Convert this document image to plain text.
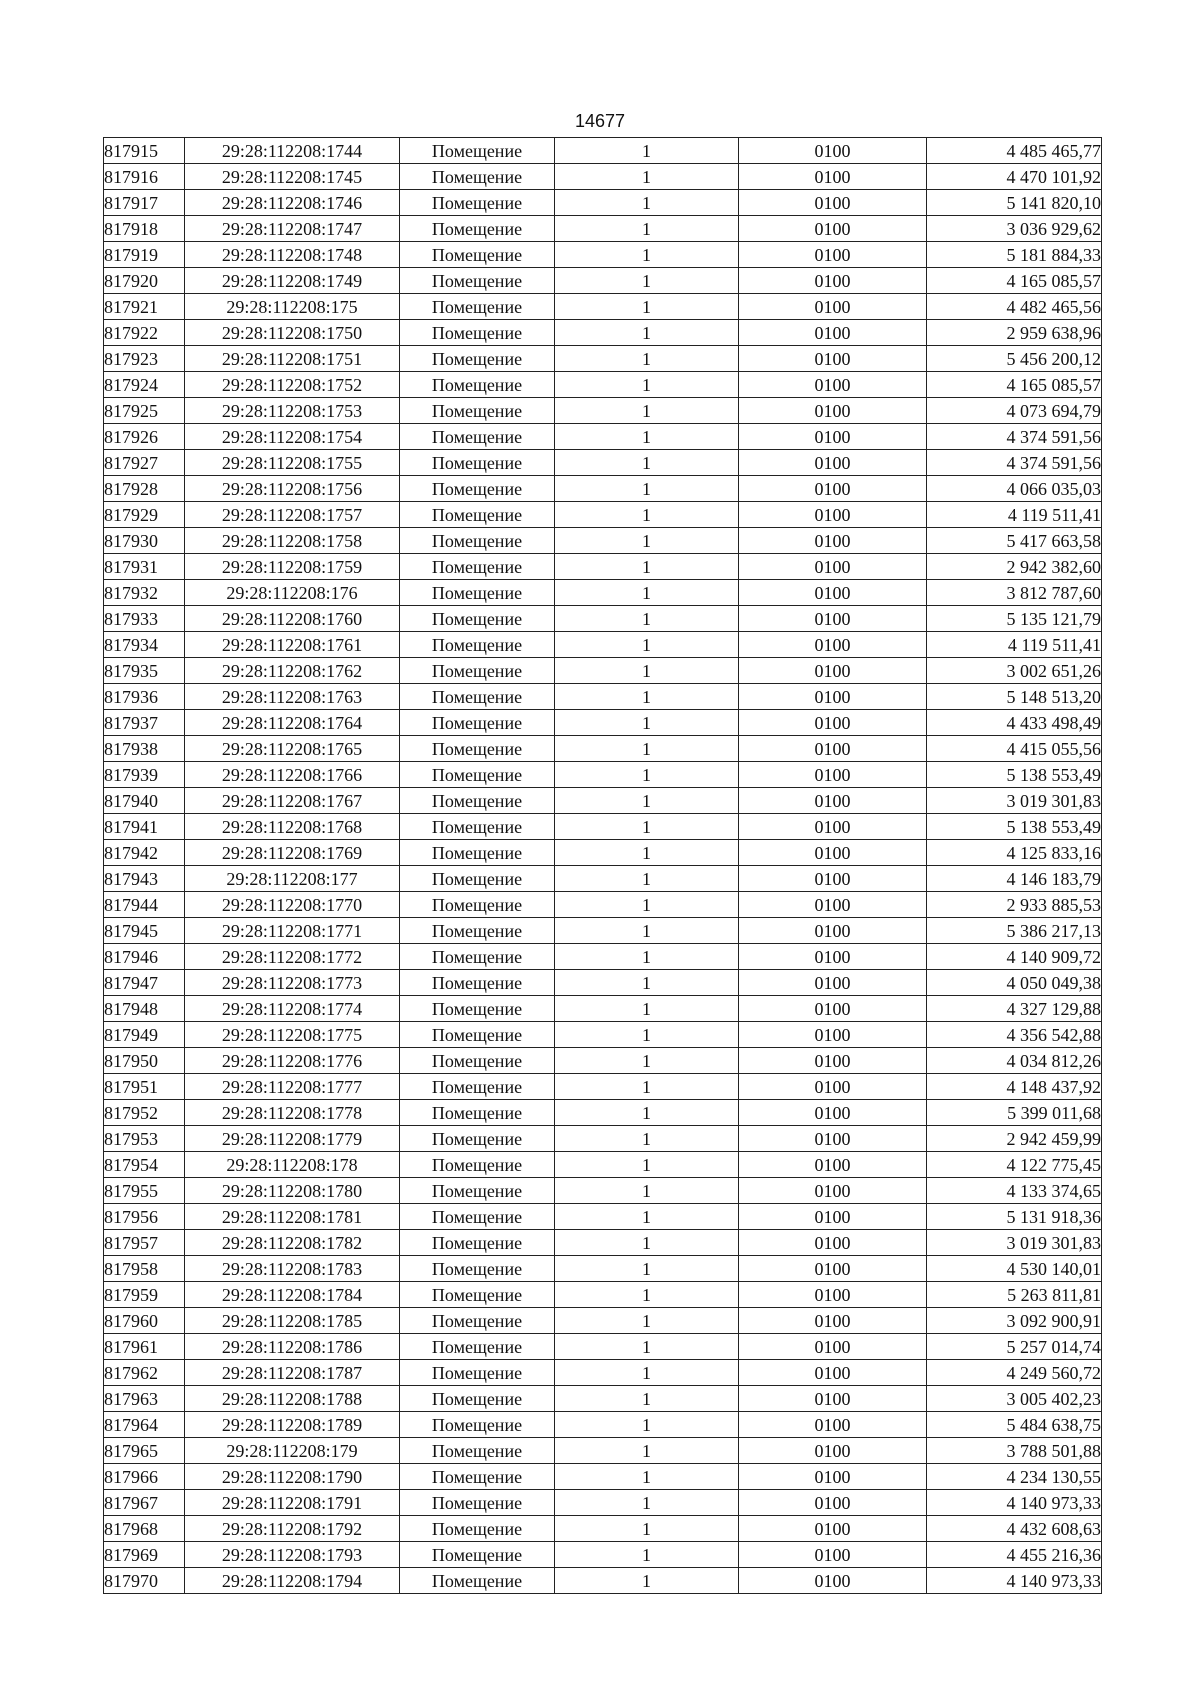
14677
817915	29:28:112208:1744	Помещение	1	0100	4 485 465,77
817916	29:28:112208:1745	Помещение	1	0100	4 470 101,92
817917	29:28:112208:1746	Помещение	1	0100	5 141 820,10
817918	29:28:112208:1747	Помещение	1	0100	3 036 929,62
817919	29:28:112208:1748	Помещение	1	0100	5 181 884,33
817920	29:28:112208:1749	Помещение	1	0100	4 165 085,57
817921	29:28:112208:175	Помещение	1	0100	4 482 465,56
817922	29:28:112208:1750	Помещение	1	0100	2 959 638,96
817923	29:28:112208:1751	Помещение	1	0100	5 456 200,12
817924	29:28:112208:1752	Помещение	1	0100	4 165 085,57
817925	29:28:112208:1753	Помещение	1	0100	4 073 694,79
817926	29:28:112208:1754	Помещение	1	0100	4 374 591,56
817927	29:28:112208:1755	Помещение	1	0100	4 374 591,56
817928	29:28:112208:1756	Помещение	1	0100	4 066 035,03
817929	29:28:112208:1757	Помещение	1	0100	4 119 511,41
817930	29:28:112208:1758	Помещение	1	0100	5 417 663,58
817931	29:28:112208:1759	Помещение	1	0100	2 942 382,60
817932	29:28:112208:176	Помещение	1	0100	3 812 787,60
817933	29:28:112208:1760	Помещение	1	0100	5 135 121,79
817934	29:28:112208:1761	Помещение	1	0100	4 119 511,41
817935	29:28:112208:1762	Помещение	1	0100	3 002 651,26
817936	29:28:112208:1763	Помещение	1	0100	5 148 513,20
817937	29:28:112208:1764	Помещение	1	0100	4 433 498,49
817938	29:28:112208:1765	Помещение	1	0100	4 415 055,56
817939	29:28:112208:1766	Помещение	1	0100	5 138 553,49
817940	29:28:112208:1767	Помещение	1	0100	3 019 301,83
817941	29:28:112208:1768	Помещение	1	0100	5 138 553,49
817942	29:28:112208:1769	Помещение	1	0100	4 125 833,16
817943	29:28:112208:177	Помещение	1	0100	4 146 183,79
817944	29:28:112208:1770	Помещение	1	0100	2 933 885,53
817945	29:28:112208:1771	Помещение	1	0100	5 386 217,13
817946	29:28:112208:1772	Помещение	1	0100	4 140 909,72
817947	29:28:112208:1773	Помещение	1	0100	4 050 049,38
817948	29:28:112208:1774	Помещение	1	0100	4 327 129,88
817949	29:28:112208:1775	Помещение	1	0100	4 356 542,88
817950	29:28:112208:1776	Помещение	1	0100	4 034 812,26
817951	29:28:112208:1777	Помещение	1	0100	4 148 437,92
817952	29:28:112208:1778	Помещение	1	0100	5 399 011,68
817953	29:28:112208:1779	Помещение	1	0100	2 942 459,99
817954	29:28:112208:178	Помещение	1	0100	4 122 775,45
817955	29:28:112208:1780	Помещение	1	0100	4 133 374,65
817956	29:28:112208:1781	Помещение	1	0100	5 131 918,36
817957	29:28:112208:1782	Помещение	1	0100	3 019 301,83
817958	29:28:112208:1783	Помещение	1	0100	4 530 140,01
817959	29:28:112208:1784	Помещение	1	0100	5 263 811,81
817960	29:28:112208:1785	Помещение	1	0100	3 092 900,91
817961	29:28:112208:1786	Помещение	1	0100	5 257 014,74
817962	29:28:112208:1787	Помещение	1	0100	4 249 560,72
817963	29:28:112208:1788	Помещение	1	0100	3 005 402,23
817964	29:28:112208:1789	Помещение	1	0100	5 484 638,75
817965	29:28:112208:179	Помещение	1	0100	3 788 501,88
817966	29:28:112208:1790	Помещение	1	0100	4 234 130,55
817967	29:28:112208:1791	Помещение	1	0100	4 140 973,33
817968	29:28:112208:1792	Помещение	1	0100	4 432 608,63
817969	29:28:112208:1793	Помещение	1	0100	4 455 216,36
817970	29:28:112208:1794	Помещение	1	0100	4 140 973,33
